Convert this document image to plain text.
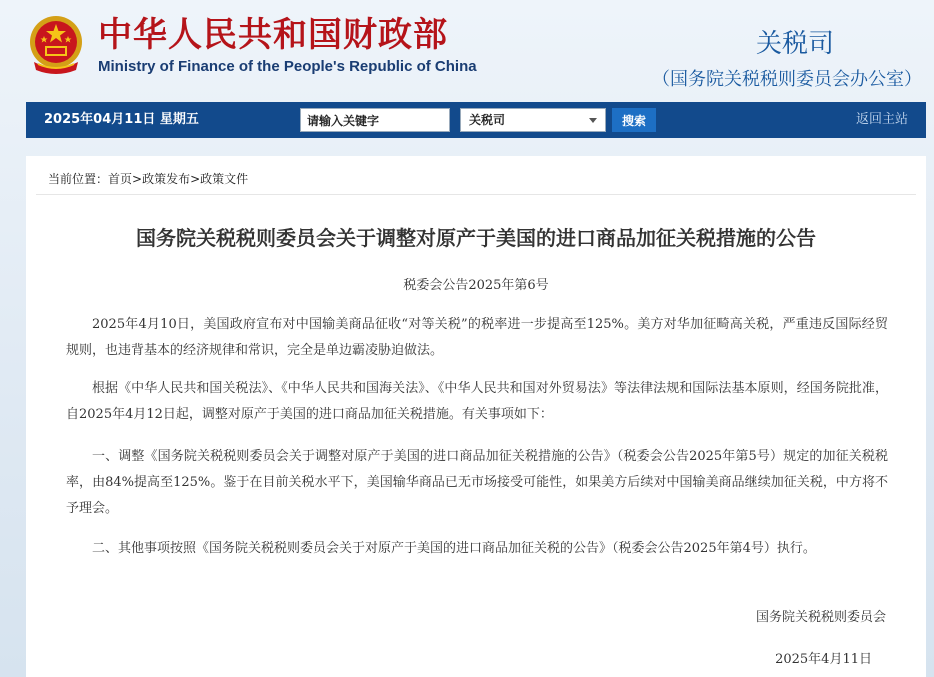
中华人民共和国财政部
Ministry of Finance of the People's Republic of China
关税司
（国务院关税税则委员会办公室）
2025年04月11日 星期五
请输入关键字	关税司	搜索	返回主站
当前位置：首页>政策发布>政策文件
国务院关税税则委员会关于调整对原产于美国的进口商品加征关税措施的公告
税委会公告2025年第6号

2025年4月10日，美国政府宣布对中国输美商品征收“对等关税”的税率进一步提高至125%。美方对华加征畸高关税，严重违反国际经贸规则，也违背基本的经济规律和常识，完全是单边霸凌胁迫做法。

根据《中华人民共和国关税法》、《中华人民共和国海关法》、《中华人民共和国对外贸易法》等法律法规和国际法基本原则，经国务院批准，自2025年4月12日起，调整对原产于美国的进口商品加征关税措施。有关事项如下：

一、调整《国务院关税税则委员会关于调整对原产于美国的进口商品加征关税措施的公告》（税委会公告2025年第5号）规定的加征关税税率，由84%提高至125%。鉴于在目前关税水平下，美国输华商品已无市场接受可能性，如果美方后续对中国输美商品继续加征关税，中方将不予理会。

二、其他事项按照《国务院关税税则委员会关于对原产于美国的进口商品加征关税的公告》（税委会公告2025年第4号）执行。

国务院关税税则委员会
2025年4月11日
